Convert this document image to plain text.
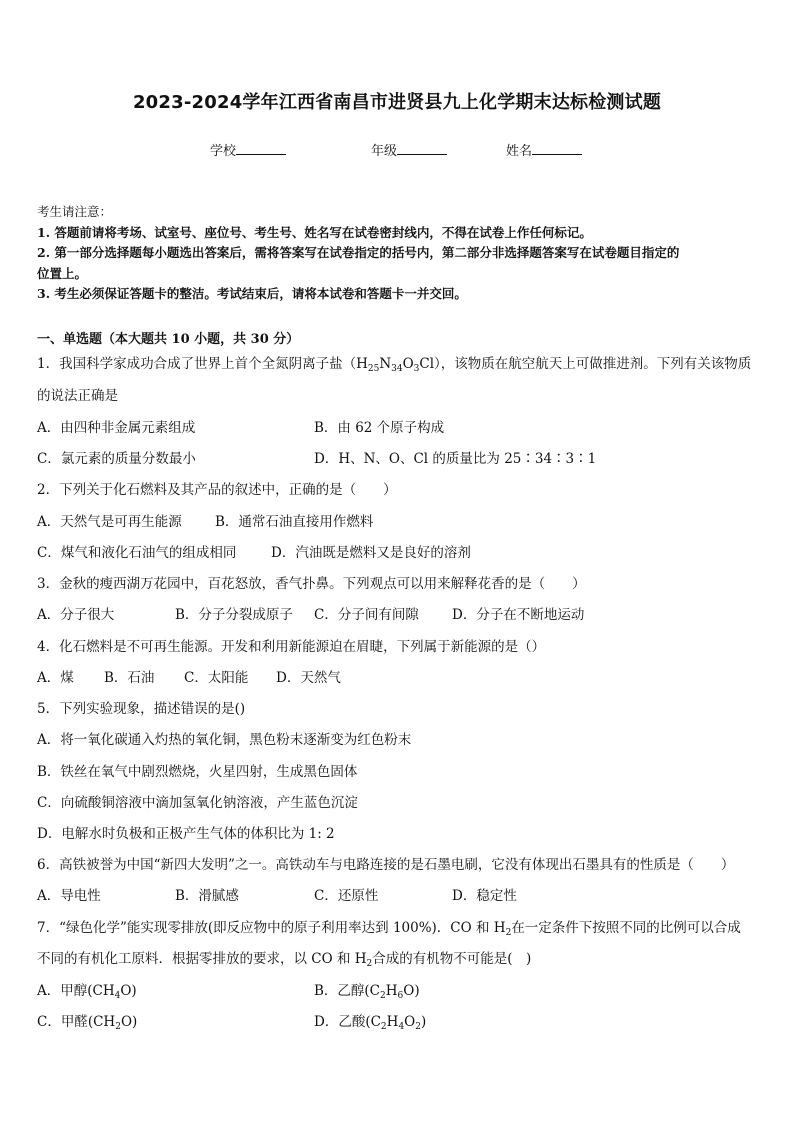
2023-2024学年江西省南昌市进贤县九上化学期末达标检测试题
学校	年级	姓名
考生请注意：
1. 答题前请将考场、试室号、座位号、考生号、姓名写在试卷密封线内，不得在试卷上作任何标记。
2. 第一部分选择题每小题选出答案后，需将答案写在试卷指定的括号内，第二部分非选择题答案写在试卷题目指定的
位置上。
3. 考生必须保证答题卡的整洁。考试结束后，请将本试卷和答题卡一并交回。
一、单选题（本大题共 10 小题，共 30 分）
1．我国科学家成功合成了世界上首个全氮阴离子盐$(H_{25}N_{34}O_3Cl)$，该物质在航空航天上可做推进剂。下列有关该物质
的说法正确是
A．由四种非金属元素组成	B．由 62 个原子构成
C．氯元素的质量分数最小	D．H、N、O、Cl 的质量比为 25∶34∶3∶1
2．下列关于化石燃料及其产品的叙述中，正确的是（　　）
A．天然气是可再生能源 B．通常石油直接用作燃料
C．煤气和液化石油气的组成相同	D．汽油既是燃料又是良好的溶剂
3．金秋的瘦西湖万花园中，百花怒放，香气扑鼻。下列观点可以用来解释花香的是（　　）
A．分子很大	B．分子分裂成原子 C．分子间有间隙 D．分子在不断地运动
4．化石燃料是不可再生能源。开发和利用新能源迫在眉睫，下列属于新能源的是（）
A．煤 B．石油 C．太阳能 D．天然气
5．下列实验现象，描述错误的是()
A．将一氧化碳通入灼热的氧化铜，黑色粉末逐渐变为红色粉末
B．铁丝在氧气中剧烈燃烧，火星四射，生成黑色固体
C．向硫酸铜溶液中滴加氢氧化钠溶液，产生蓝色沉淀
D．电解水时负极和正极产生气体的体积比为 1: 2
6．高铁被誉为中国“新四大发明”之一。高铁动车与电路连接的是石墨电刷，它没有体现出石墨具有的性质是（　　）
A．导电性	B．滑腻感	C．还原性	D．稳定性
7．“绿色化学”能实现零排放(即反应物中的原子利用率达到 100%)．CO 和 $H_2$在一定条件下按照不同的比例可以合成
不同的有机化工原料．根据零排放的要求，以 CO 和 $H_2$合成的有机物不可能是(　)
A．甲醇$(CH_4O)$	B．乙醇$(C_2H_6O)$
C．甲醛$(CH_2O)$	D．乙酸$(C_2H_4O_2)$
